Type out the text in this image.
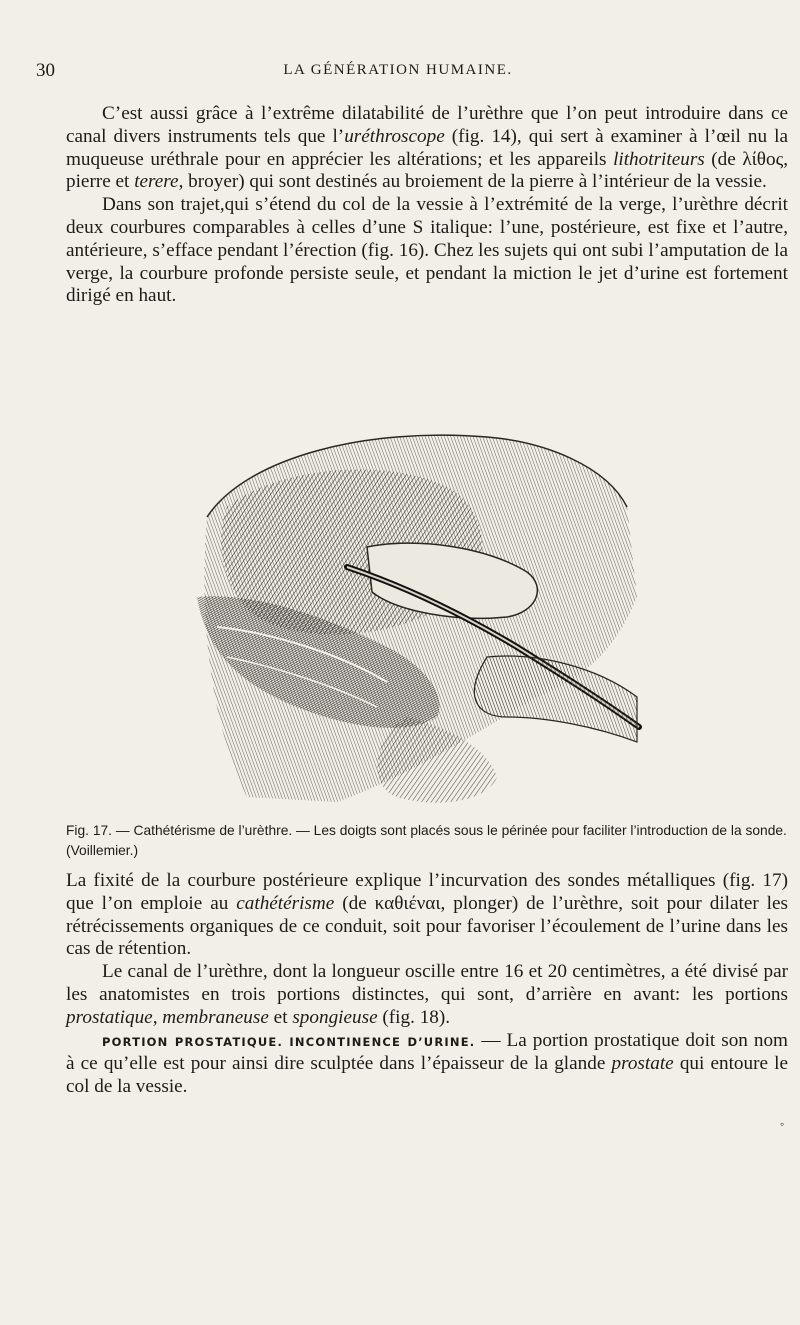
30	LA GÉNÉRATION HUMAINE.

C’est aussi grâce à l’extrême dilatabilité de l’urèthre que l’on peut introduire dans ce canal divers instruments tels que l’uréthroscope (fig. 14), qui sert à examiner à l’œil nu la muqueuse uréthrale pour en apprécier les altérations; et les appareils lithotriteurs (de λίθος, pierre et terere, broyer) qui sont destinés au broiement de la pierre à l’intérieur de la vessie.

Dans son trajet,qui s’étend du col de la vessie à l’extrémité de la verge, l’urèthre décrit deux courbures comparables à celles d’une S italique: l’une, postérieure, est fixe et l’autre, antérieure, s’efface pendant l’érection (fig. 16). Chez les sujets qui ont subi l’amputation de la verge, la courbure profonde persiste seule, et pendant la miction le jet d’urine est fortement dirigé en haut.

Fig. 17. — Cathétérisme de l’urèthre. — Les doigts sont placés sous le périnée pour faciliter l’introduction de la sonde. (Voillemier.)

La fixité de la courbure postérieure explique l’incurvation des sondes métalliques (fig. 17) que l’on emploie au cathétérisme (de καθιέναι, plonger) de l’urèthre, soit pour dilater les rétrécissements organiques de ce conduit, soit pour favoriser l’écoulement de l’urine dans les cas de rétention.

Le canal de l’urèthre, dont la longueur oscille entre 16 et 20 centimètres, a été divisé par les anatomistes en trois portions distinctes, qui sont, d’arrière en avant: les portions prostatique, membraneuse et spongieuse (fig. 18).

PORTION PROSTATIQUE. INCONTINENCE D’URINE. — La portion prostatique doit son nom à ce qu’elle est pour ainsi dire sculptée dans l’épaisseur de la glande prostate qui entoure le col de la vessie.

◦
